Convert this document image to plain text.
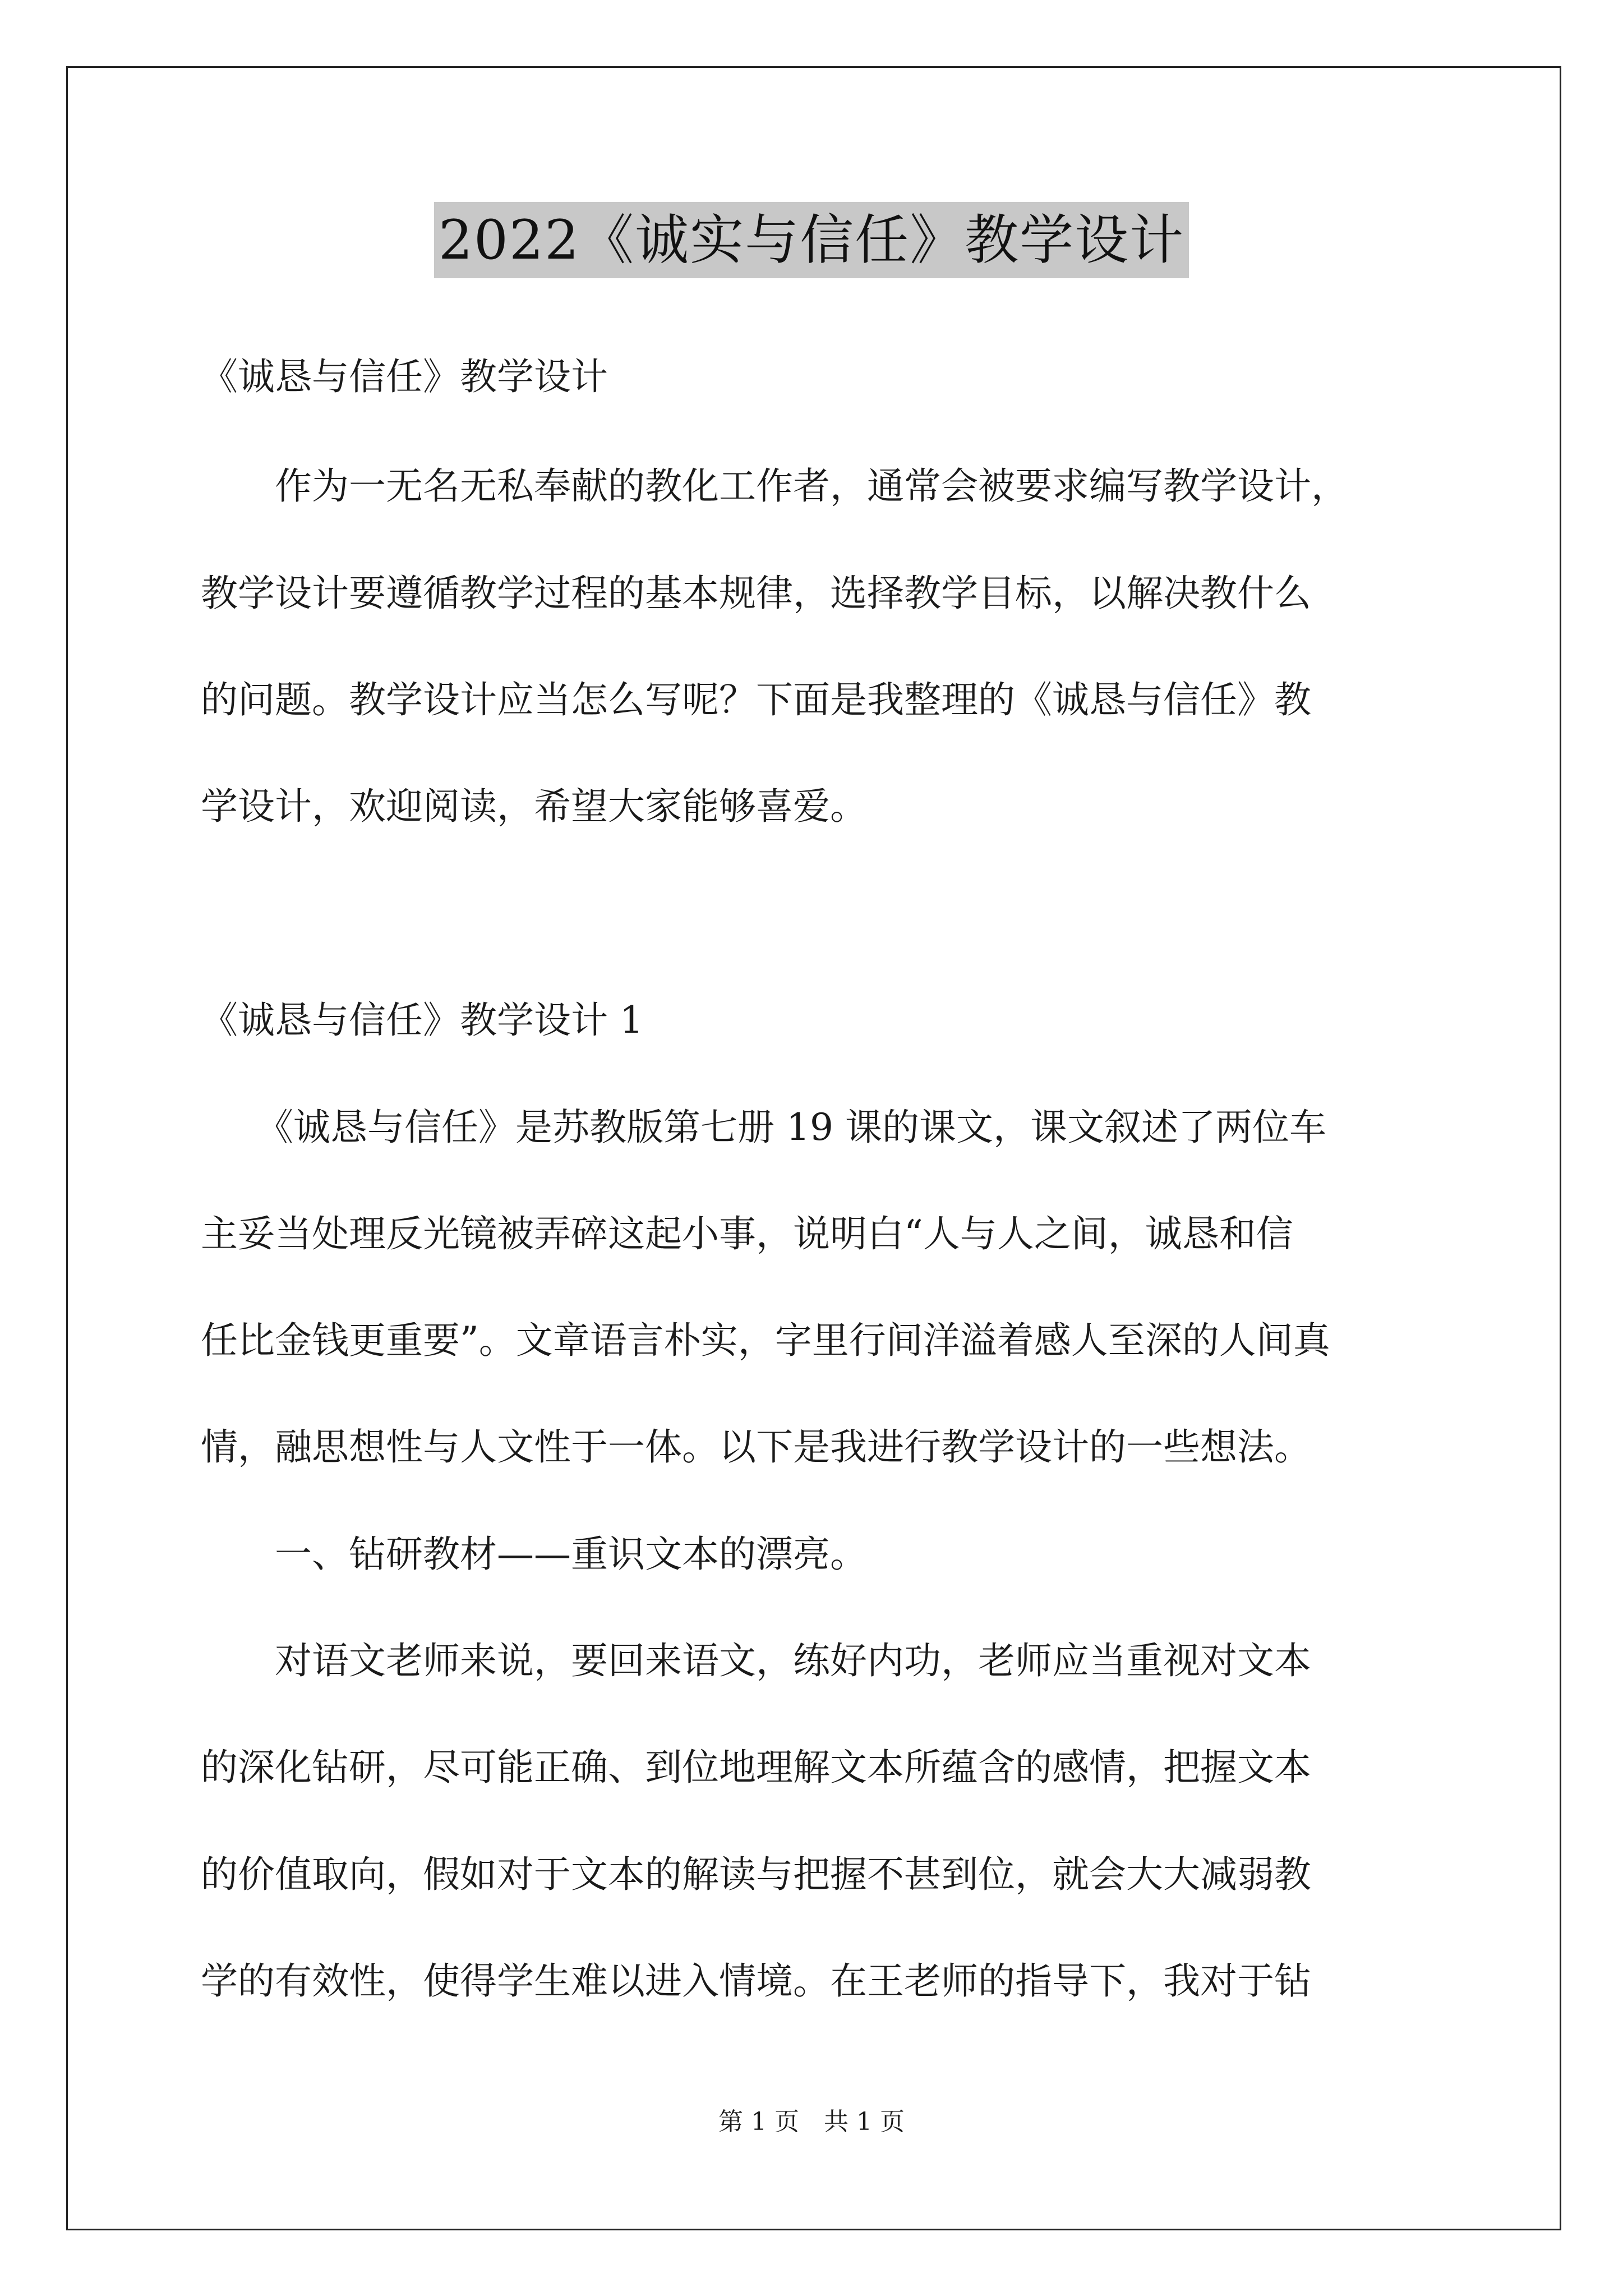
2022《诚实与信任》教学设计
《诚恳与信任》教学设计
　　作为一无名无私奉献的教化工作者，通常会被要求编写教学设计，
教学设计要遵循教学过程的基本规律，选择教学目标，以解决教什么
的问题。教学设计应当怎么写呢？下面是我整理的《诚恳与信任》教
学设计，欢迎阅读，希望大家能够喜爱。
《诚恳与信任》教学设计 1
　　《诚恳与信任》是苏教版第七册 19 课的课文，课文叙述了两位车
主妥当处理反光镜被弄碎这起小事，说明白“人与人之间，诚恳和信
任比金钱更重要”。文章语言朴实，字里行间洋溢着感人至深的人间真
情，融思想性与人文性于一体。以下是我进行教学设计的一些想法。
　　一、钻研教材——重识文本的漂亮。
　　对语文老师来说，要回来语文，练好内功，老师应当重视对文本
的深化钻研，尽可能正确、到位地理解文本所蕴含的感情，把握文本
的价值取向，假如对于文本的解读与把握不甚到位，就会大大减弱教
学的有效性，使得学生难以进入情境。在王老师的指导下，我对于钻
第 1 页　共 1 页
